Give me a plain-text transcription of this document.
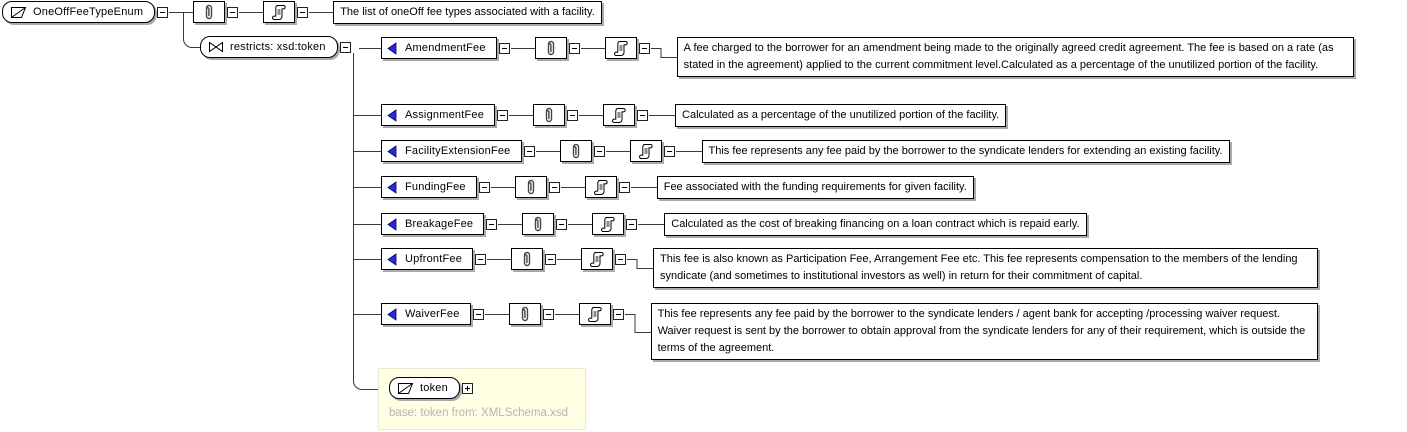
OneOffFeeTypeEnum	The list of oneOff fee types associated with a facility.
restricts: xsd:token	AmendmentFee	A fee charged to the borrower for an amendment being made to the originally agreed credit agreement. The fee is based on a rate (as stated in the agreement) applied to the current commitment level.Calculated as a percentage of the unutilized portion of the facility.
AssignmentFee	Calculated as a percentage of the unutilized portion of the facility.
FacilityExtensionFee	This fee represents any fee paid by the borrower to the syndicate lenders for extending an existing facility.
FundingFee	Fee associated with the funding requirements for given facility.
BreakageFee	Calculated as the cost of breaking financing on a loan contract which is repaid early.
UpfrontFee	This fee is also known as Participation Fee, Arrangement Fee etc. This fee represents compensation to the members of the lending syndicate (and sometimes to institutional investors as well) in return for their commitment of capital.
WaiverFee	This fee represents any fee paid by the borrower to the syndicate lenders / agent bank for accepting /processing waiver request. Waiver request is sent by the borrower to obtain approval from the syndicate lenders for any of their requirement, which is outside the terms of the agreement.
token
base: token from: XMLSchema.xsd
